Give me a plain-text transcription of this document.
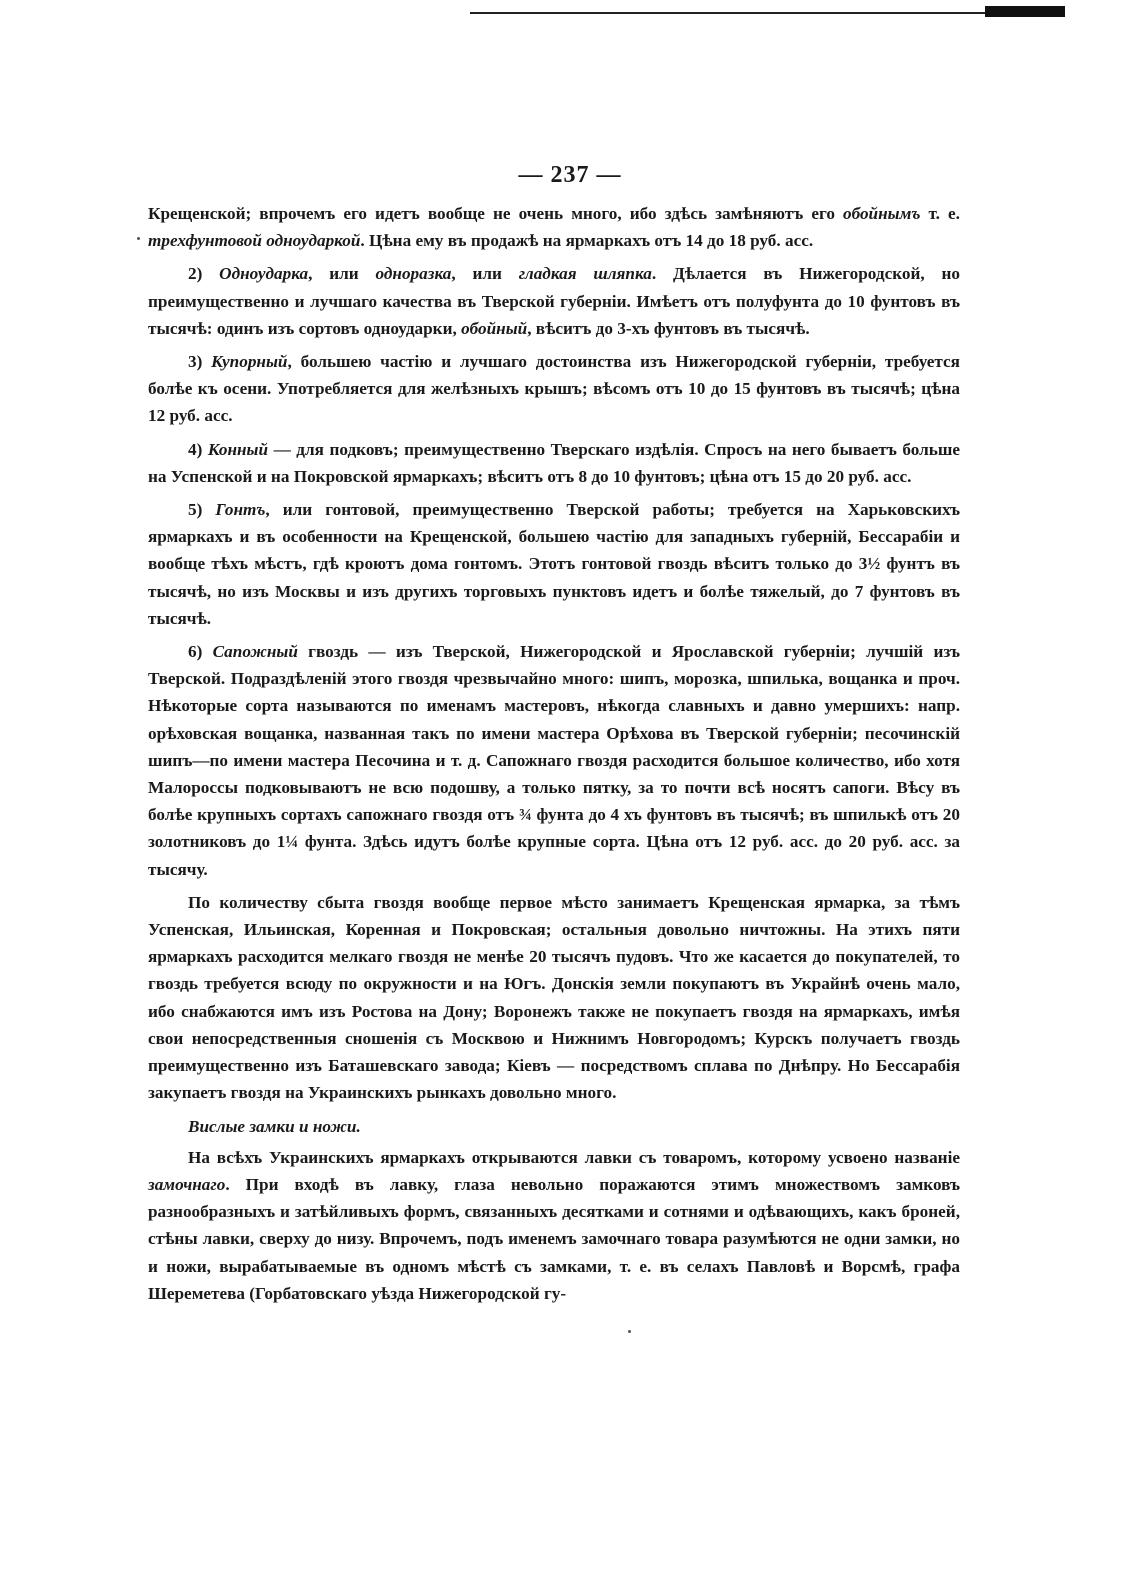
— 237 —

Крещенской; впрочемъ его идетъ вообще не очень много, ибо здѣсь замѣняютъ его обойнымъ т. е. трехфунтовой одноударкой. Цѣна ему въ продажѣ на ярмаркахъ отъ 14 до 18 руб. асс.

2) Одноударка, или одноразка, или гладкая шляпка. Дѣлается въ Нижегородской, но преимущественно и лучшаго качества въ Тверской губерніи. Имѣетъ отъ полуфунта до 10 фунтовъ въ тысячѣ: одинъ изъ сортовъ одноударки, обойный, вѣситъ до 3-хъ фунтовъ въ тысячѣ.

3) Купорный, большею частію и лучшаго достоинства изъ Нижегородской губерніи, требуется болѣе къ осени. Употребляется для желѣзныхъ крышъ; вѣсомъ отъ 10 до 15 фунтовъ въ тысячѣ; цѣна 12 руб. асс.

4) Конный — для подковъ; преимущественно Тверскаго издѣлія. Спросъ на него бываетъ больше на Успенской и на Покровской ярмаркахъ; вѣситъ отъ 8 до 10 фунтовъ; цѣна отъ 15 до 20 руб. асс.

5) Гонтъ, или гонтовой, преимущественно Тверской работы; требуется на Харьковскихъ ярмаркахъ и въ особенности на Крещенской, большею частію для западныхъ губерній, Бессарабіи и вообще тѣхъ мѣстъ, гдѣ кроютъ дома гонтомъ. Этотъ гонтовой гвоздь вѣситъ только до 3½ фунтъ въ тысячѣ, но изъ Москвы и изъ другихъ торговыхъ пунктовъ идетъ и болѣе тяжелый, до 7 фунтовъ въ тысячѣ.

6) Сапожный гвоздь — изъ Тверской, Нижегородской и Ярославской губерніи; лучшій изъ Тверской. Подраздѣленій этого гвоздя чрезвычайно много: шипъ, морозка, шпилька, вощанка и проч. Нѣкоторые сорта называются по именамъ мастеровъ, нѣкогда славныхъ и давно умершихъ: напр. орѣховская вощанка, названная такъ по имени мастера Орѣхова въ Тверской губерніи; песочинскій шипъ—по имени мастера Песочина и т. д. Сапожнаго гвоздя расходится большое количество, ибо хотя Малороссы подковываютъ не всю подошву, а только пятку, за то почти всѣ носятъ сапоги. Вѣсу въ болѣе крупныхъ сортахъ сапожнаго гвоздя отъ ¾ фунта до 4 хъ фунтовъ въ тысячѣ; въ шпилькѣ отъ 20 золотниковъ до 1¼ фунта. Здѣсь идутъ болѣе крупные сорта. Цѣна отъ 12 руб. асс. до 20 руб. асс. за тысячу.

По количеству сбыта гвоздя вообще первое мѣсто занимаетъ Крещенская ярмарка, за тѣмъ Успенская, Ильинская, Коренная и Покровская; остальныя довольно ничтожны. На этихъ пяти ярмаркахъ расходится мелкаго гвоздя не менѣе 20 тысячъ пудовъ. Что же касается до покупателей, то гвоздь требуется всюду по окружности и на Югъ. Донскія земли покупаютъ въ Украйнѣ очень мало, ибо снабжаются имъ изъ Ростова на Дону; Воронежъ также не покупаетъ гвоздя на ярмаркахъ, имѣя свои непосредственныя сношенія съ Москвою и Нижнимъ Новгородомъ; Курскъ получаетъ гвоздь преимущественно изъ Баташевскаго завода; Кіевъ — посредствомъ сплава по Днѣпру. Но Бессарабія закупаетъ гвоздя на Украинскихъ рынкахъ довольно много.

Вислые замки и ножи.

На всѣхъ Украинскихъ ярмаркахъ открываются лавки съ товаромъ, которому усвоено названіе замочнаго. При входѣ въ лавку, глаза невольно поражаются этимъ множествомъ замковъ разнообразныхъ и затѣйливыхъ формъ, связанныхъ десятками и сотнями и одѣвающихъ, какъ броней, стѣны лавки, сверху до низу. Впрочемъ, подъ именемъ замочнаго товара разумѣются не одни замки, но и ножи, вырабатываемые въ одномъ мѣстѣ съ замками, т. е. въ селахъ Павловѣ и Ворсмѣ, графа Шереметева (Горбатовскаго уѣзда Нижегородской гу-
